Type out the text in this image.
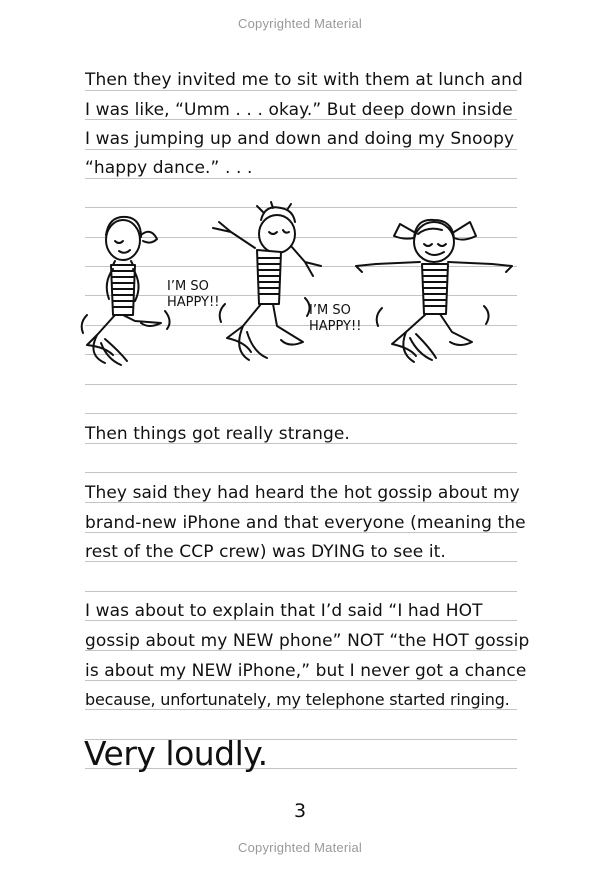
Copyrighted Material
Then they invited me to sit with them at lunch and
I was like, “Umm . . . okay.” But deep down inside
I was jumping up and down and doing my Snoopy
“happy dance.” . . .
I’M SO
HAPPY!!
I’M SO
HAPPY!!
Then things got really strange.
They said they had heard the hot gossip about my
brand-new iPhone and that everyone (meaning the
rest of the CCP crew) was DYING to see it.
I was about to explain that I’d said “I had HOT
gossip about my NEW phone” NOT “the HOT gossip
is about my NEW iPhone,” but I never got a chance
because, unfortunately, my telephone started ringing.
Very loudly.
3
Copyrighted Material
